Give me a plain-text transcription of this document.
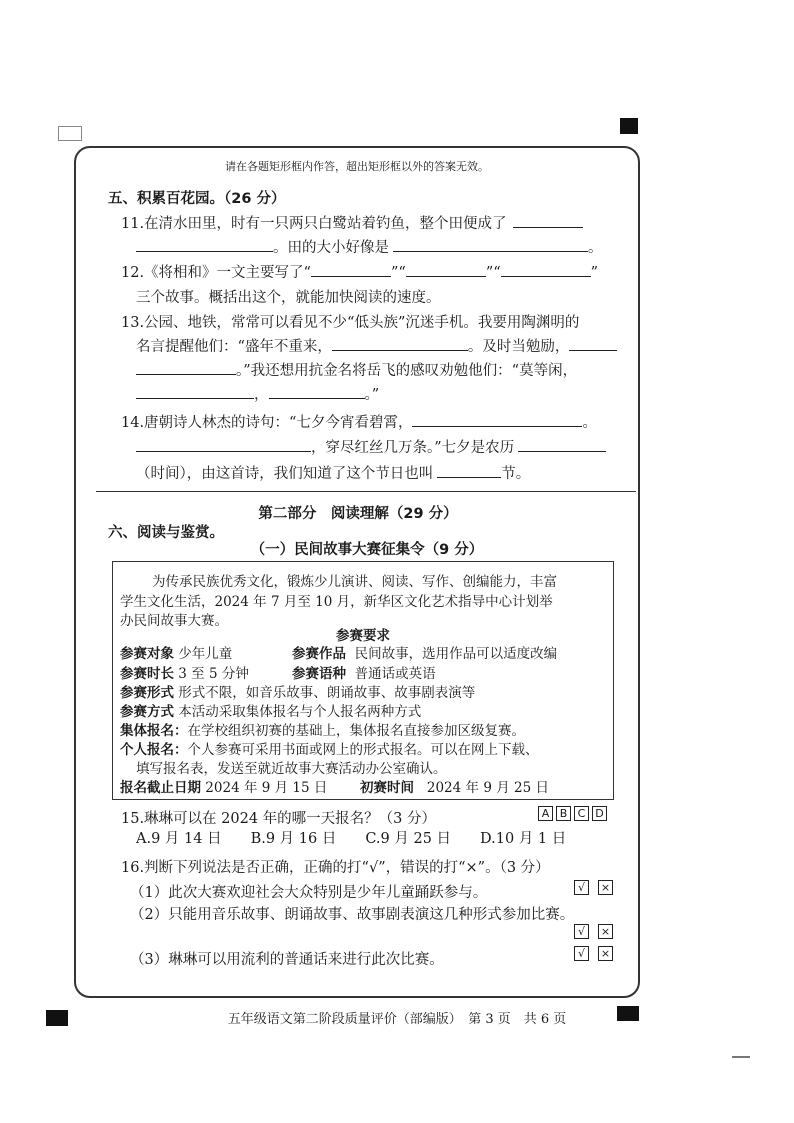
请在各题矩形框内作答，超出矩形框以外的答案无效。
五、积累百花园。（26 分）
11.在清水田里，时有一只两只白鹭站着钓鱼，整个田便成了
。田的大小好像是	。
12.《将相和》一文主要写了“	”“	”“	”
三个故事。概括出这个，就能加快阅读的速度。
13.公园、地铁，常常可以看见不少“低头族”沉迷手机。我要用陶渊明的
名言提醒他们：“盛年不重来，	。及时当勉励，
。”我还想用抗金名将岳飞的感叹劝勉他们：“莫等闲，
，	。”
14.唐朝诗人林杰的诗句：“七夕今宵看碧霄，	。
，穿尽红丝几万条。”七夕是农历
（时间），由这首诗，我们知道了这个节日也叫	节。
第二部分　阅读理解（29 分）
六、阅读与鉴赏。
（一）民间故事大赛征集令（9 分）
为传承民族优秀文化，锻炼少儿演讲、阅读、写作、创编能力，丰富
学生文化生活，2024 年 7 月至 10 月，新华区文化艺术指导中心计划举
办民间故事大赛。
参赛要求
参赛对象 少年儿童	参赛作品 民间故事，选用作品可以适度改编
参赛时长 3 至 5 分钟	参赛语种 普通话或英语
参赛形式 形式不限，如音乐故事、朗诵故事、故事剧表演等
参赛方式 本活动采取集体报名与个人报名两种方式
集体报名：在学校组织初赛的基础上，集体报名直接参加区级复赛。
个人报名：个人参赛可采用书面或网上的形式报名。可以在网上下载、
填写报名表，发送至就近故事大赛活动办公室确认。
报名截止日期 2024 年 9 月 15 日 初赛时间 2024 年 9 月 25 日
15.琳琳可以在 2024 年的哪一天报名？（3 分）	A B C D
A.9 月 14 日　　B.9 月 16 日　　C.9 月 25 日　　D.10 月 1 日
16.判断下列说法是否正确，正确的打“√”，错误的打“×”。（3 分）
（1）此次大赛欢迎社会大众特别是少年儿童踊跃参与。	√	×
（2）只能用音乐故事、朗诵故事、故事剧表演这几种形式参加比赛。
√	×
（3）琳琳可以用流利的普通话来进行此次比赛。	√	×
五年级语文第二阶段质量评价（部编版）　第 3 页　共 6 页
